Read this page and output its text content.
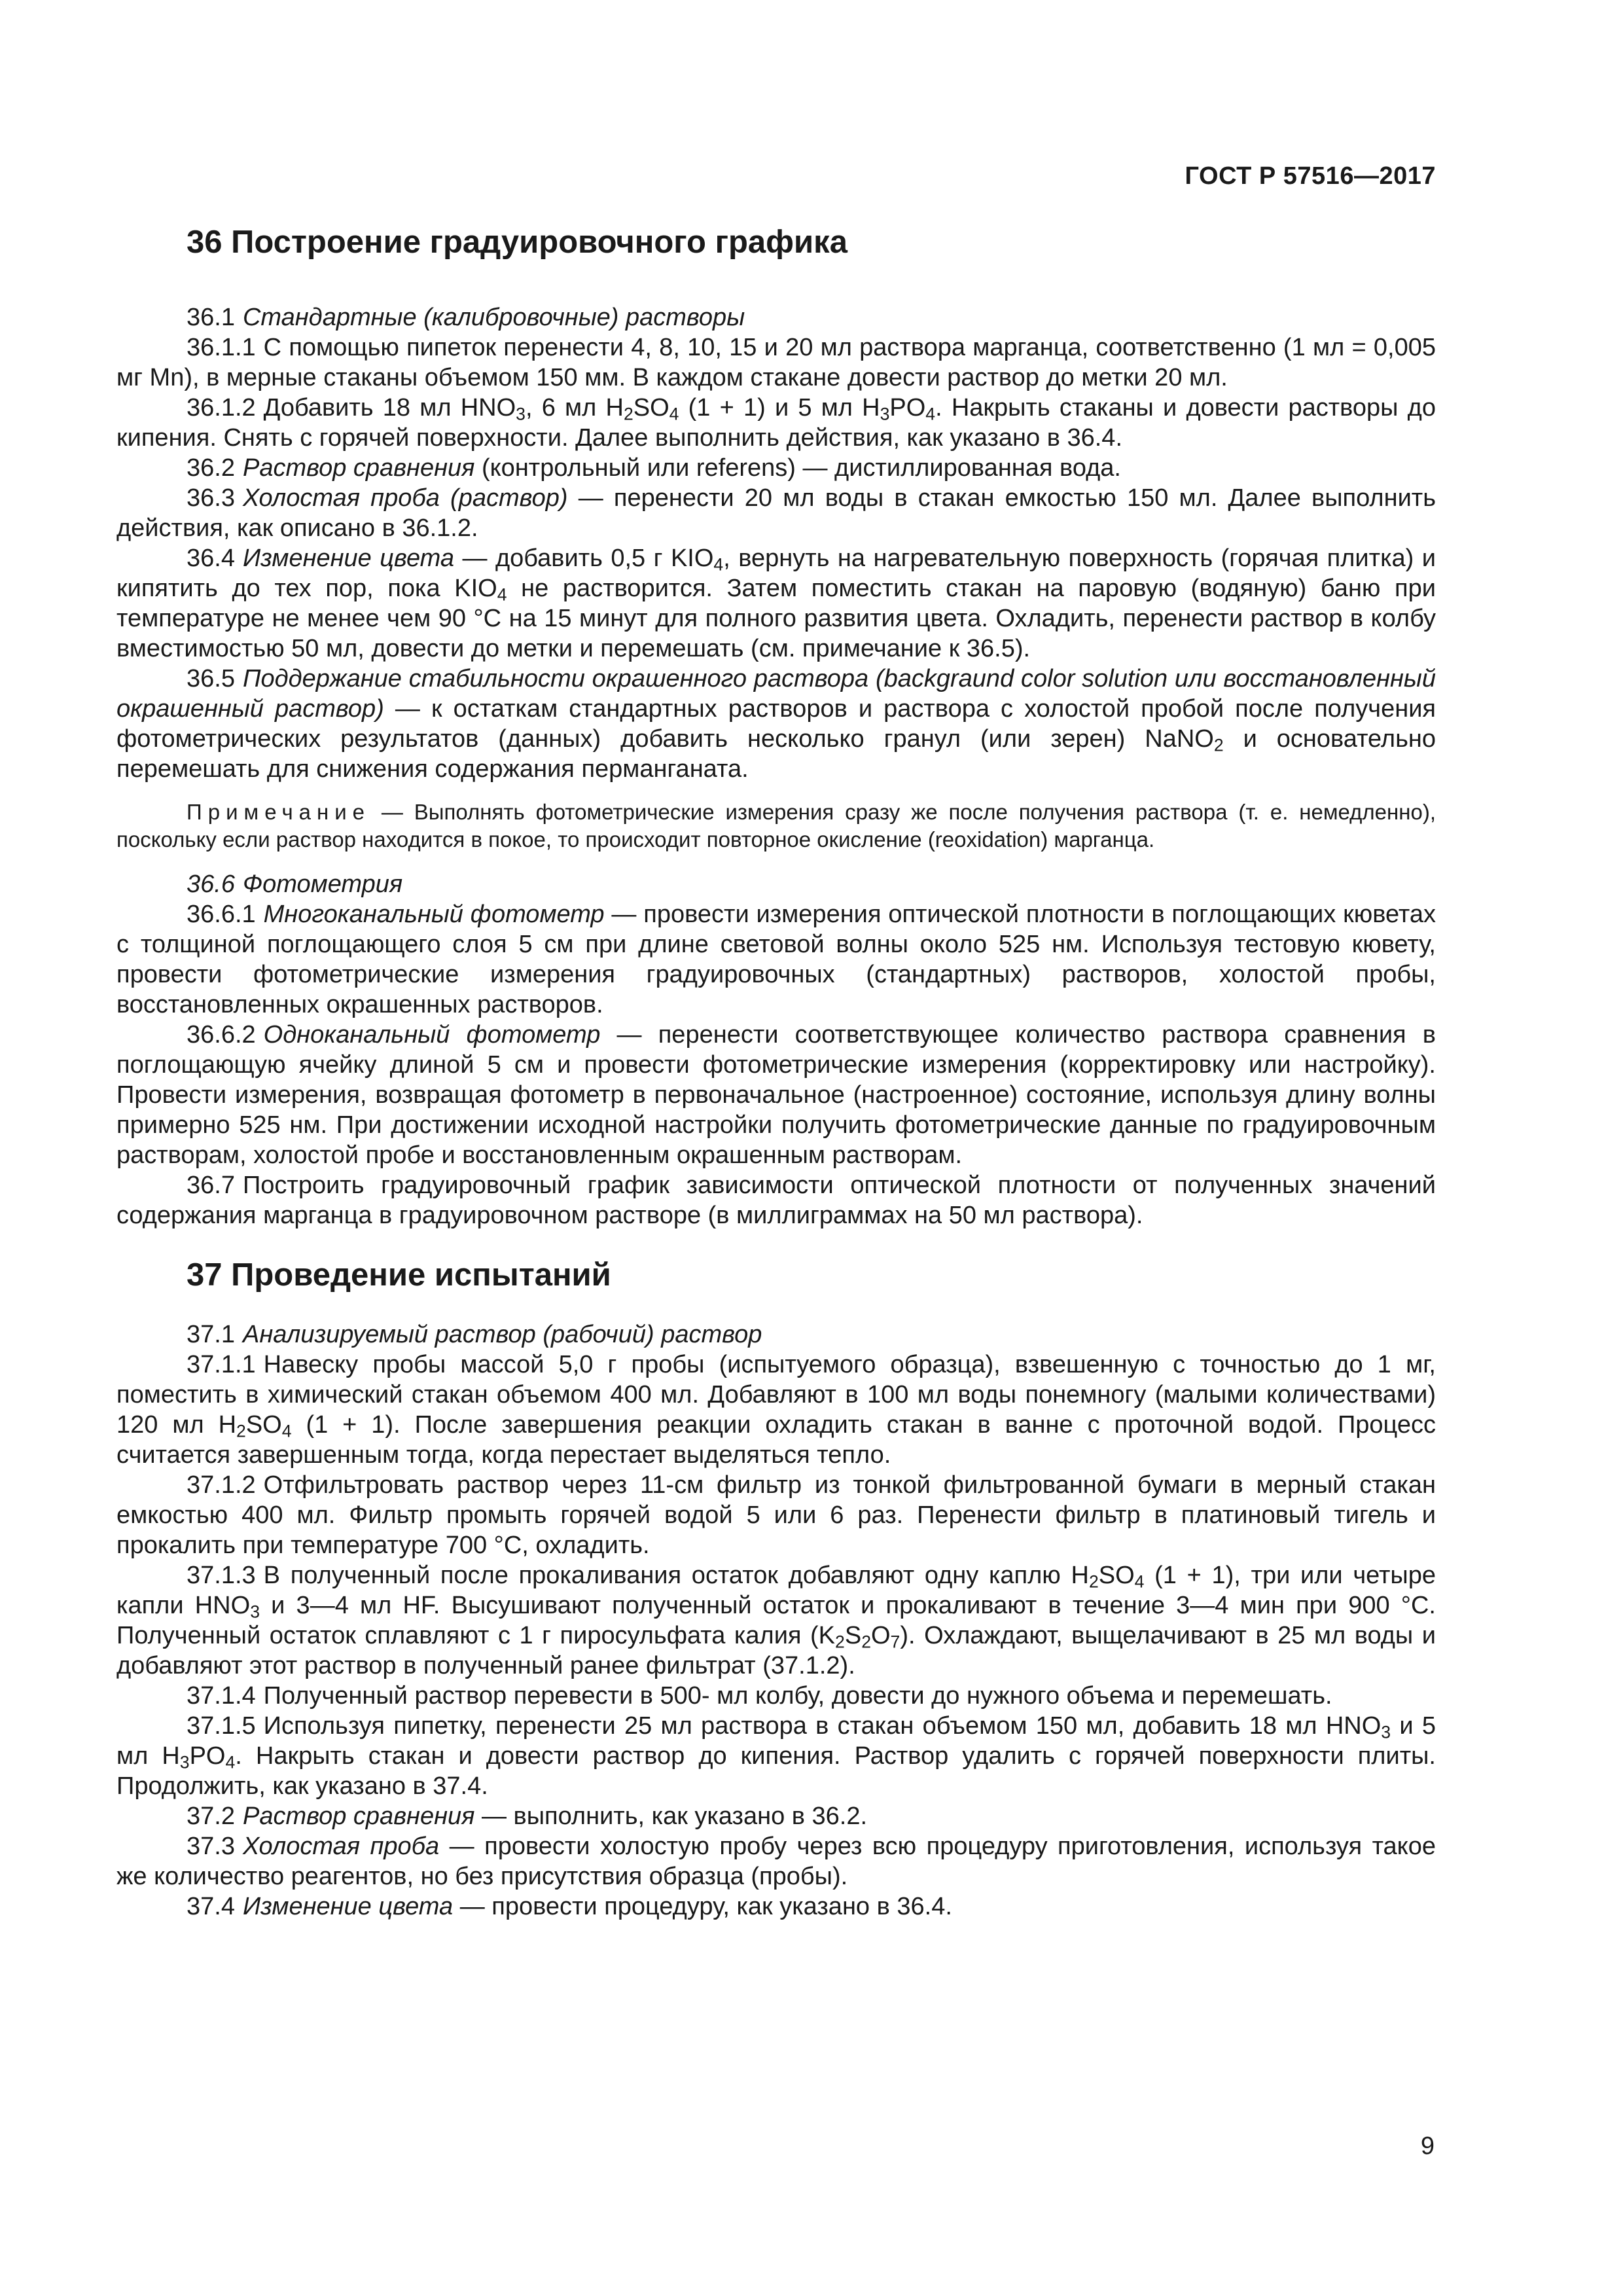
ГОСТ Р 57516—2017
36 Построение градуировочного графика

36.1 Стандартные (калибровочные) растворы

36.1.1 С помощью пипеток перенести 4, 8, 10, 15 и 20 мл раствора марганца, соответственно (1 мл = 0,005 мг Mn), в мерные стаканы объемом 150 мм. В каждом стакане довести раствор до метки 20 мл.

36.1.2 Добавить 18 мл $HNO_3$, 6 мл $H_2SO_4$ (1 + 1) и 5 мл $H_3PO_4$. Накрыть стаканы и довести растворы до кипения. Снять с горячей поверхности. Далее выполнить действия, как указано в 36.4.

36.2 Раствор сравнения (контрольный или referens) — дистиллированная вода.

36.3 Холостая проба (раствор) — перенести 20 мл воды в стакан емкостью 150 мл. Далее выполнить действия, как описано в 36.1.2.

36.4 Изменение цвета — добавить 0,5 г $KIO_4$, вернуть на нагревательную поверхность (горячая плитка) и кипятить до тех пор, пока $KIO_4$ не растворится. Затем поместить стакан на паровую (водяную) баню при температуре не менее чем 90 °С на 15 минут для полного развития цвета. Охладить, перенести раствор в колбу вместимостью 50 мл, довести до метки и перемешать (см. примечание к 36.5).

36.5 Поддержание стабильности окрашенного раствора (backgraund color solution или восстановленный окрашенный раствор) — к остаткам стандартных растворов и раствора с холостой пробой после получения фотометрических результатов (данных) добавить несколько гранул (или зерен) NaNO$_2$ и основательно перемешать для снижения содержания перманганата.

Примечание — Выполнять фотометрические измерения сразу же после получения раствора (т. е. немедленно), поскольку если раствор находится в покое, то происходит повторное окисление (reoxidation) марганца.

36.6 Фотометрия

36.6.1 Многоканальный фотометр — провести измерения оптической плотности в поглощающих кюветах с толщиной поглощающего слоя 5 см при длине световой волны около 525 нм. Используя тестовую кювету, провести фотометрические измерения градуировочных (стандартных) растворов, холостой пробы, восстановленных окрашенных растворов.

36.6.2 Одноканальный фотометр — перенести соответствующее количество раствора сравнения в поглощающую ячейку длиной 5 см и провести фотометрические измерения (корректировку или настройку). Провести измерения, возвращая фотометр в первоначальное (настроенное) состояние, используя длину волны примерно 525 нм. При достижении исходной настройки получить фотометрические данные по градуировочным растворам, холостой пробе и восстановленным окрашенным растворам.

36.7 Построить градуировочный график зависимости оптической плотности от полученных значений содержания марганца в градуировочном растворе (в миллиграммах на 50 мл раствора).

37 Проведение испытаний

37.1 Анализируемый раствор (рабочий) раствор

37.1.1 Навеску пробы массой 5,0 г пробы (испытуемого образца), взвешенную с точностью до 1 мг, поместить в химический стакан объемом 400 мл. Добавляют в 100 мл воды понемногу (малыми количествами) 120 мл $H_2SO_4$ (1 + 1). После завершения реакции охладить стакан в ванне с проточной водой. Процесс считается завершенным тогда, когда перестает выделяться тепло.

37.1.2 Отфильтровать раствор через 11-см фильтр из тонкой фильтрованной бумаги в мерный стакан емкостью 400 мл. Фильтр промыть горячей водой 5 или 6 раз. Перенести фильтр в платиновый тигель и прокалить при температуре 700 °С, охладить.

37.1.3 В полученный после прокаливания остаток добавляют одну каплю $H_2SO_4$ (1 + 1), три или четыре капли $HNO_3$ и 3—4 мл HF. Высушивают полученный остаток и прокаливают в течение 3—4 мин при 900 °С. Полученный остаток сплавляют с 1 г пиросульфата калия $(K_2S_2O_7)$. Охлаждают, выщелачивают в 25 мл воды и добавляют этот раствор в полученный ранее фильтрат (37.1.2).

37.1.4 Полученный раствор перевести в 500- мл колбу, довести до нужного объема и перемешать.

37.1.5 Используя пипетку, перенести 25 мл раствора в стакан объемом 150 мл, добавить 18 мл $HNO_3$ и 5 мл $H_3PO_4$. Накрыть стакан и довести раствор до кипения. Раствор удалить с горячей поверхности плиты. Продолжить, как указано в 37.4.

37.2 Раствор сравнения — выполнить, как указано в 36.2.

37.3 Холостая проба — провести холостую пробу через всю процедуру приготовления, используя такое же количество реагентов, но без присутствия образца (пробы).

37.4 Изменение цвета — провести процедуру, как указано в 36.4.

9
